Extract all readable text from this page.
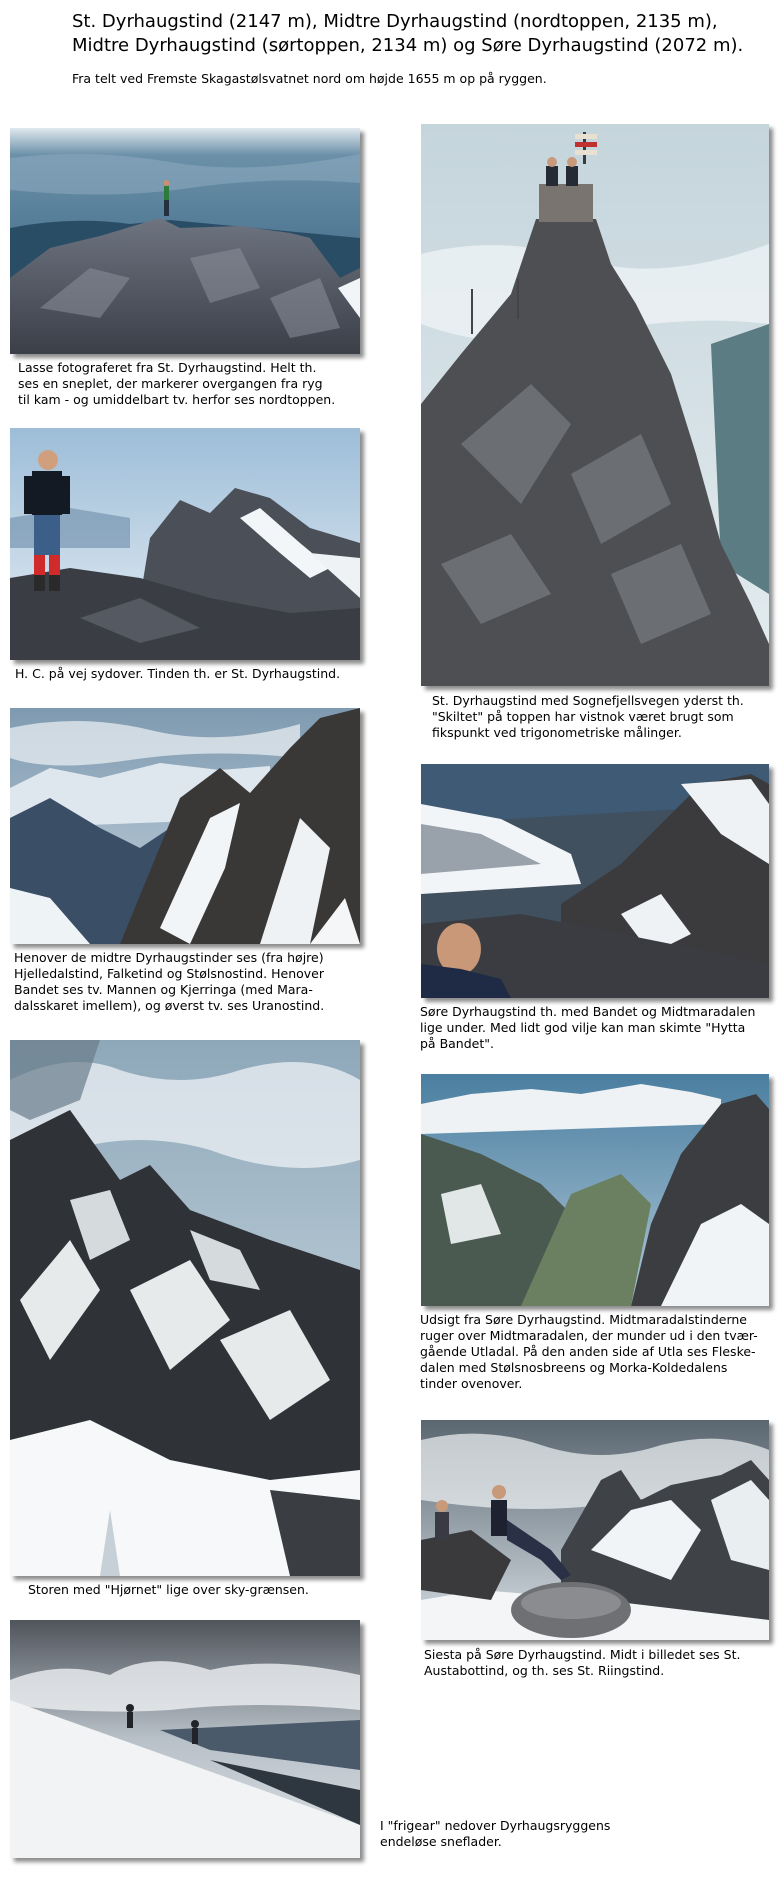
St. Dyrhaugstind (2147 m), Midtre Dyrhaugstind (nordtoppen, 2135 m),
Midtre Dyrhaugstind (sørtoppen, 2134 m) og Søre Dyrhaugstind (2072 m).

Fra telt ved Fremste Skagastølsvatnet nord om højde 1655 m op på ryggen.

Lasse fotograferet fra St. Dyrhaugstind. Helt th.
ses en sneplet, der markerer overgangen fra ryg
til kam - og umiddelbart tv. herfor ses nordtoppen.
H. C. på vej sydover. Tinden th. er St. Dyrhaugstind.
Henover de midtre Dyrhaugstinder ses (fra højre)
Hjelledalstind, Falketind og Stølsnostind. Henover
Bandet ses tv. Mannen og Kjerringa (med Mara-
dalsskaret imellem), og øverst tv. ses Uranostind.
Storen med "Hjørnet" lige over sky-grænsen.
St. Dyrhaugstind med Sognefjellsvegen yderst th.
"Skiltet" på toppen har vistnok været brugt som
fikspunkt ved trigonometriske målinger.
Søre Dyrhaugstind th. med Bandet og Midtmaradalen
lige under. Med lidt god vilje kan man skimte "Hytta
på Bandet".
Udsigt fra Søre Dyrhaugstind. Midtmaradalstinderne
ruger over Midtmaradalen, der munder ud i den tvær-
gående Utladal. På den anden side af Utla ses Fleske-
dalen med Stølsnosbreens og Morka-Koldedalens
tinder ovenover.
Siesta på Søre Dyrhaugstind. Midt i billedet ses St.
Austabottind, og th. ses St. Riingstind.
I "frigear" nedover Dyrhaugsryggens
endeløse sneflader.
